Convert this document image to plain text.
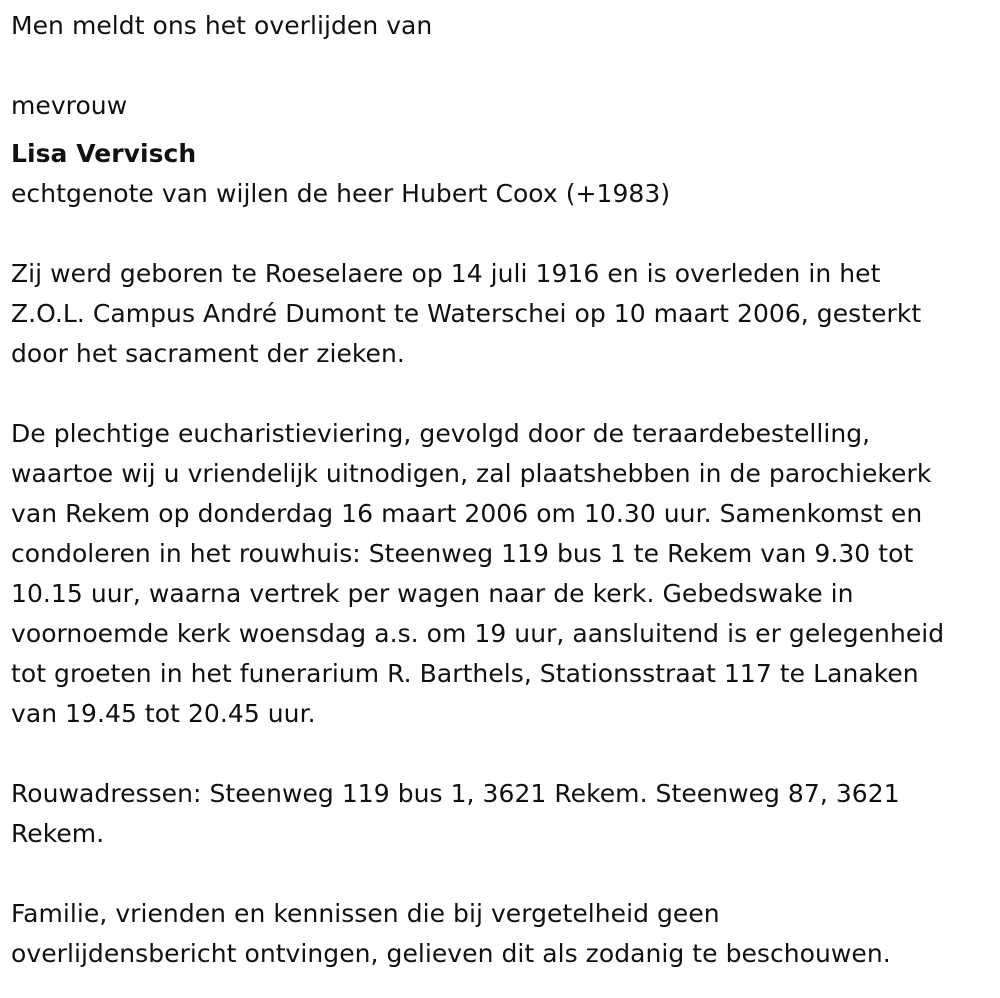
Men meldt ons het overlijden van
mevrouw
Lisa Vervisch
echtgenote van wijlen de heer Hubert Coox (+1983)
Zij werd geboren te Roeselaere op 14 juli 1916 en is overleden in het
Z.O.L. Campus André Dumont te Waterschei op 10 maart 2006, gesterkt
door het sacrament der zieken.
De plechtige eucharistieviering, gevolgd door de teraardebestelling,
waartoe wij u vriendelijk uitnodigen, zal plaatshebben in de parochiekerk
van Rekem op donderdag 16 maart 2006 om 10.30 uur. Samenkomst en
condoleren in het rouwhuis: Steenweg 119 bus 1 te Rekem van 9.30 tot
10.15 uur, waarna vertrek per wagen naar de kerk. Gebedswake in
voornoemde kerk woensdag a.s. om 19 uur, aansluitend is er gelegenheid
tot groeten in het funerarium R. Barthels, Stationsstraat 117 te Lanaken
van 19.45 tot 20.45 uur.
Rouwadressen: Steenweg 119 bus 1, 3621 Rekem. Steenweg 87, 3621
Rekem.
Familie, vrienden en kennissen die bij vergetelheid geen
overlijdensbericht ontvingen, gelieven dit als zodanig te beschouwen.
